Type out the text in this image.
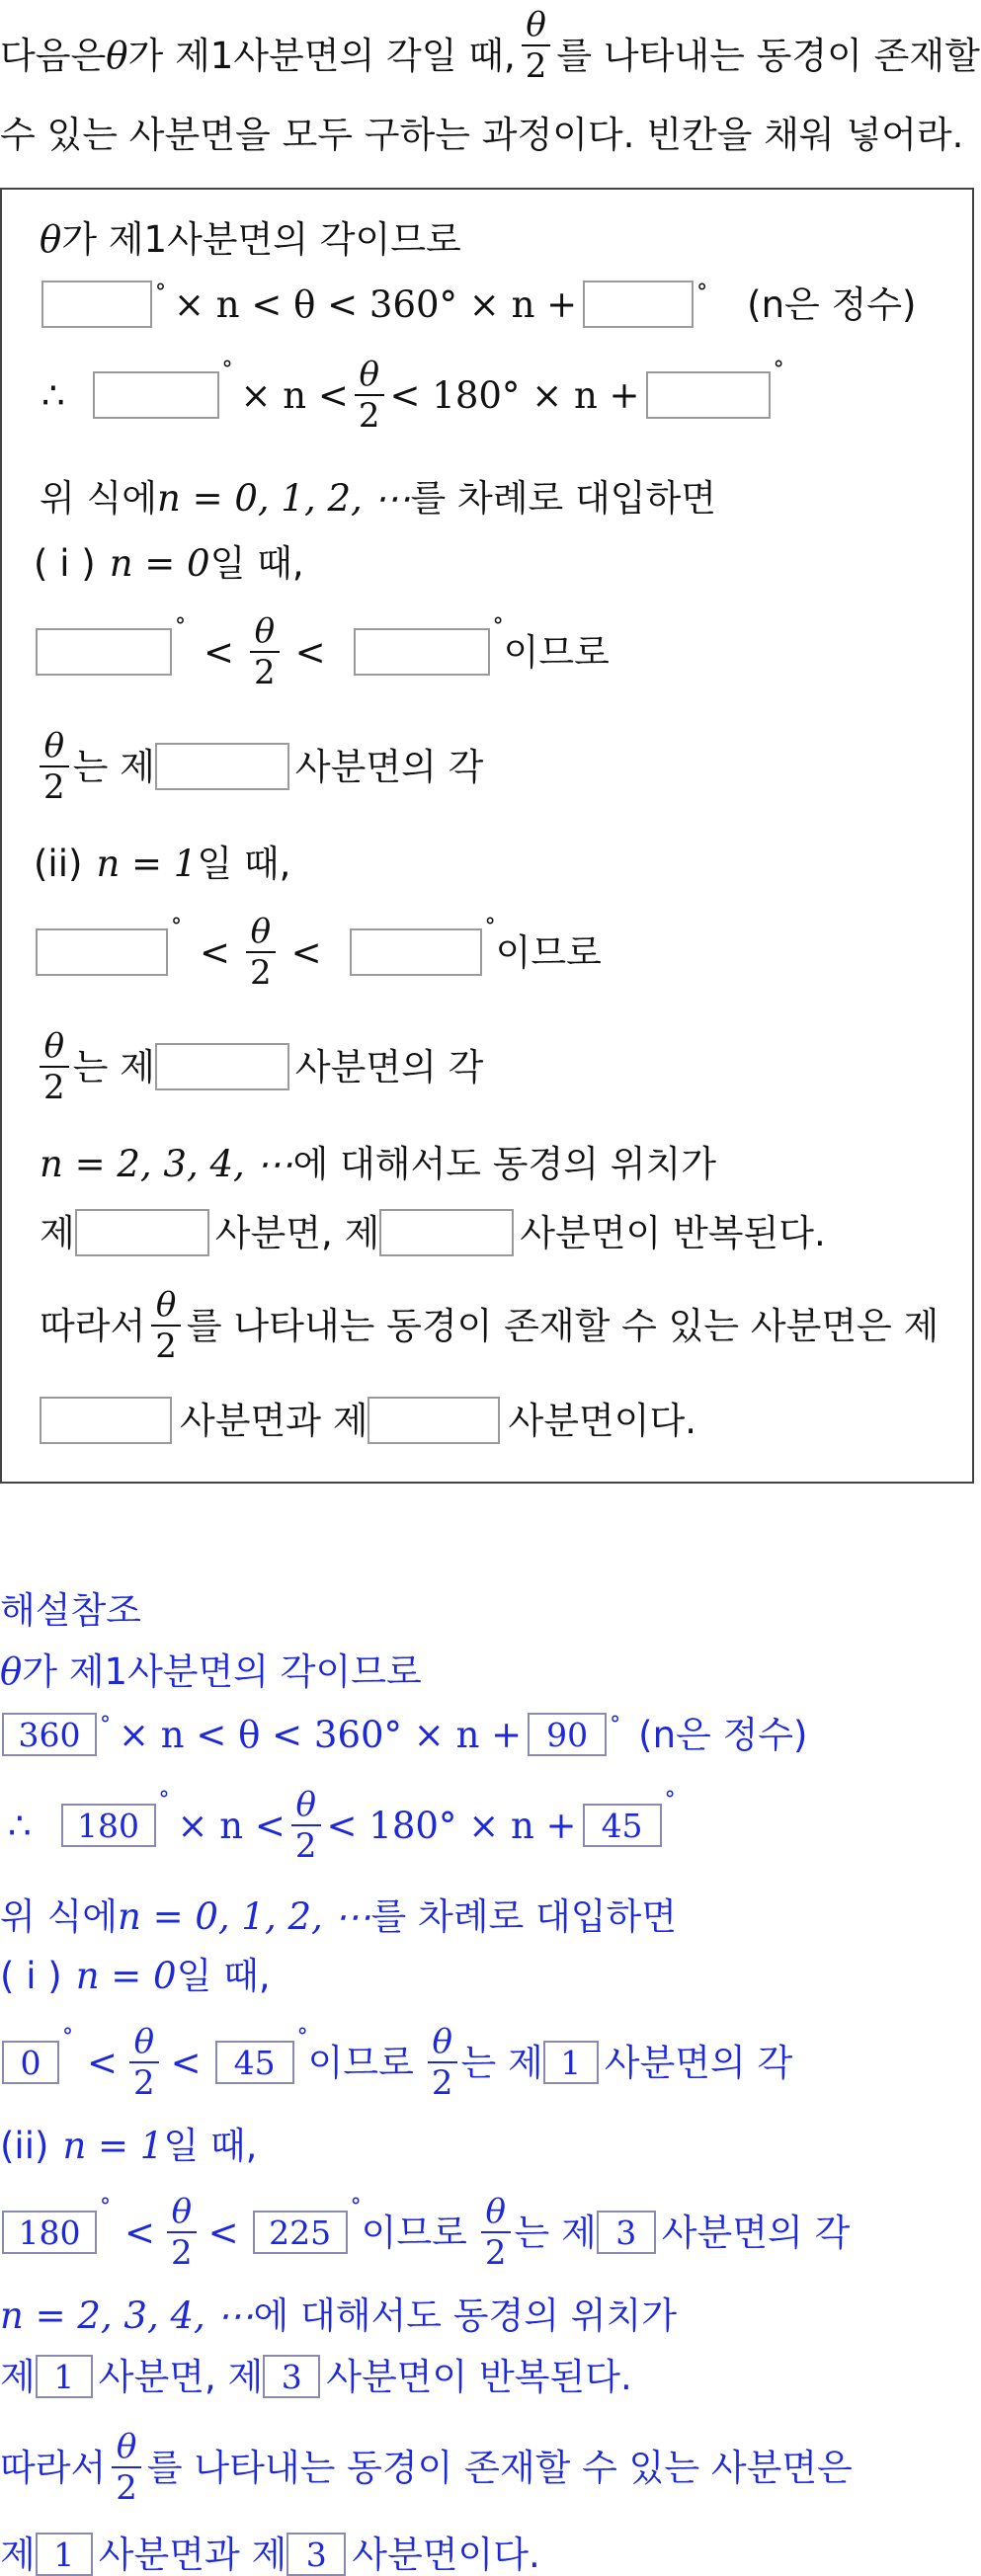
다음은 θ 가 제1사분면의 각일 때, $\frac{\theta}{2}$ 를 나타내는 동경이 존재할
수 있는 사분면을 모두 구하는 과정이다. 빈칸을 채워 넣어라.
θ 가 제1사분면의 각이므로
° × n < θ < 360° × n +	° (n은 정수)
∴
°
× $n < \frac{\theta}{2} < 180^\circ \times n$ +
°
위 식에 n = 0, 1, 2, ⋯ 를 차례로 대입하면
( i ) n = 0 일 때,
°
< $\frac{\theta}{2}$ <
°
이므로
$\frac{\theta}{2}$ 는 제	사분면의 각
(ii) n = 1 일 때,
°
< $\frac{\theta}{2}$ <
°
이므로
$\frac{\theta}{2}$ 는 제	사분면의 각
n = 2, 3, 4, ⋯ 에 대해서도 동경의 위치가
제	사분면, 제	사분면이 반복된다.
따라서 $\frac{\theta}{2}$ 를 나타내는 동경이 존재할 수 있는 사분면은 제
사분면과 제	사분면이다.
해설참조
θ 가 제1사분면의 각이므로
360 ° × n < θ < 360° × n + 90	° (n은 정수)
∴	180
°
× $n < \frac{\theta}{2} < 180^\circ \times n + 45$
°
위 식에 n = 0, 1, 2, ⋯ 를 차례로 대입하면
( i ) n = 0 일 때,
0
°
< $\frac{\theta}{2}$ <	45
°
이므로 $\frac{\theta}{2}$ 는 제 1 사분면의 각
(ii) n = 1 일 때,
180
°
< $\frac{\theta}{2} < 225$
°
이므로 $\frac{\theta}{2}$ 는 제 3 사분면의 각
n = 2, 3, 4, ⋯ 에 대해서도 동경의 위치가
제 1 사분면, 제 3 사분면이 반복된다.
따라서 $\frac{\theta}{2}$ 를 나타내는 동경이 존재할 수 있는 사분면은
제 1 사분면과 제 3 사분면이다.
